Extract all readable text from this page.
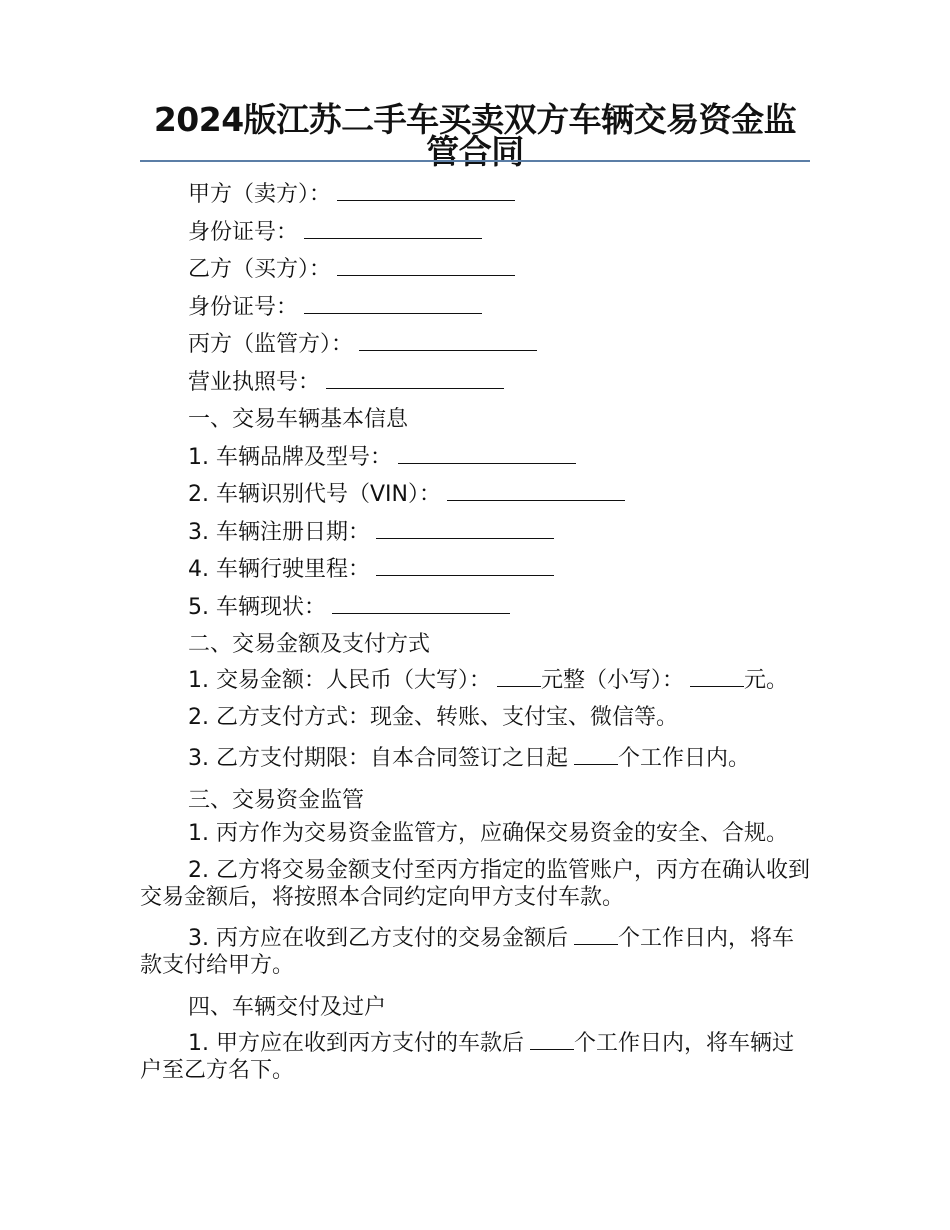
2024版江苏二手车买卖双方车辆交易资金监管合同
甲方（卖方）：
身份证号：
乙方（买方）：
身份证号：
丙方（监管方）：
营业执照号：
一、交易车辆基本信息
1. 车辆品牌及型号：
2. 车辆识别代号（VIN）：
3. 车辆注册日期：
4. 车辆行驶里程：
5. 车辆现状：
二、交易金额及支付方式
1. 交易金额：人民币（大写）： 元整（小写）：	元。
2. 乙方支付方式：现金、转账、支付宝、微信等。
3. 乙方支付期限：自本合同签订之日起 个工作日内。
三、交易资金监管
1. 丙方作为交易资金监管方，应确保交易资金的安全、合规。
2. 乙方将交易金额支付至丙方指定的监管账户，丙方在确认收到交易金额后，将按照本合同约定向甲方支付车款。
3. 丙方应在收到乙方支付的交易金额后 个工作日内，将车款支付给甲方。
四、车辆交付及过户
1. 甲方应在收到丙方支付的车款后 个工作日内，将车辆过户至乙方名下。
